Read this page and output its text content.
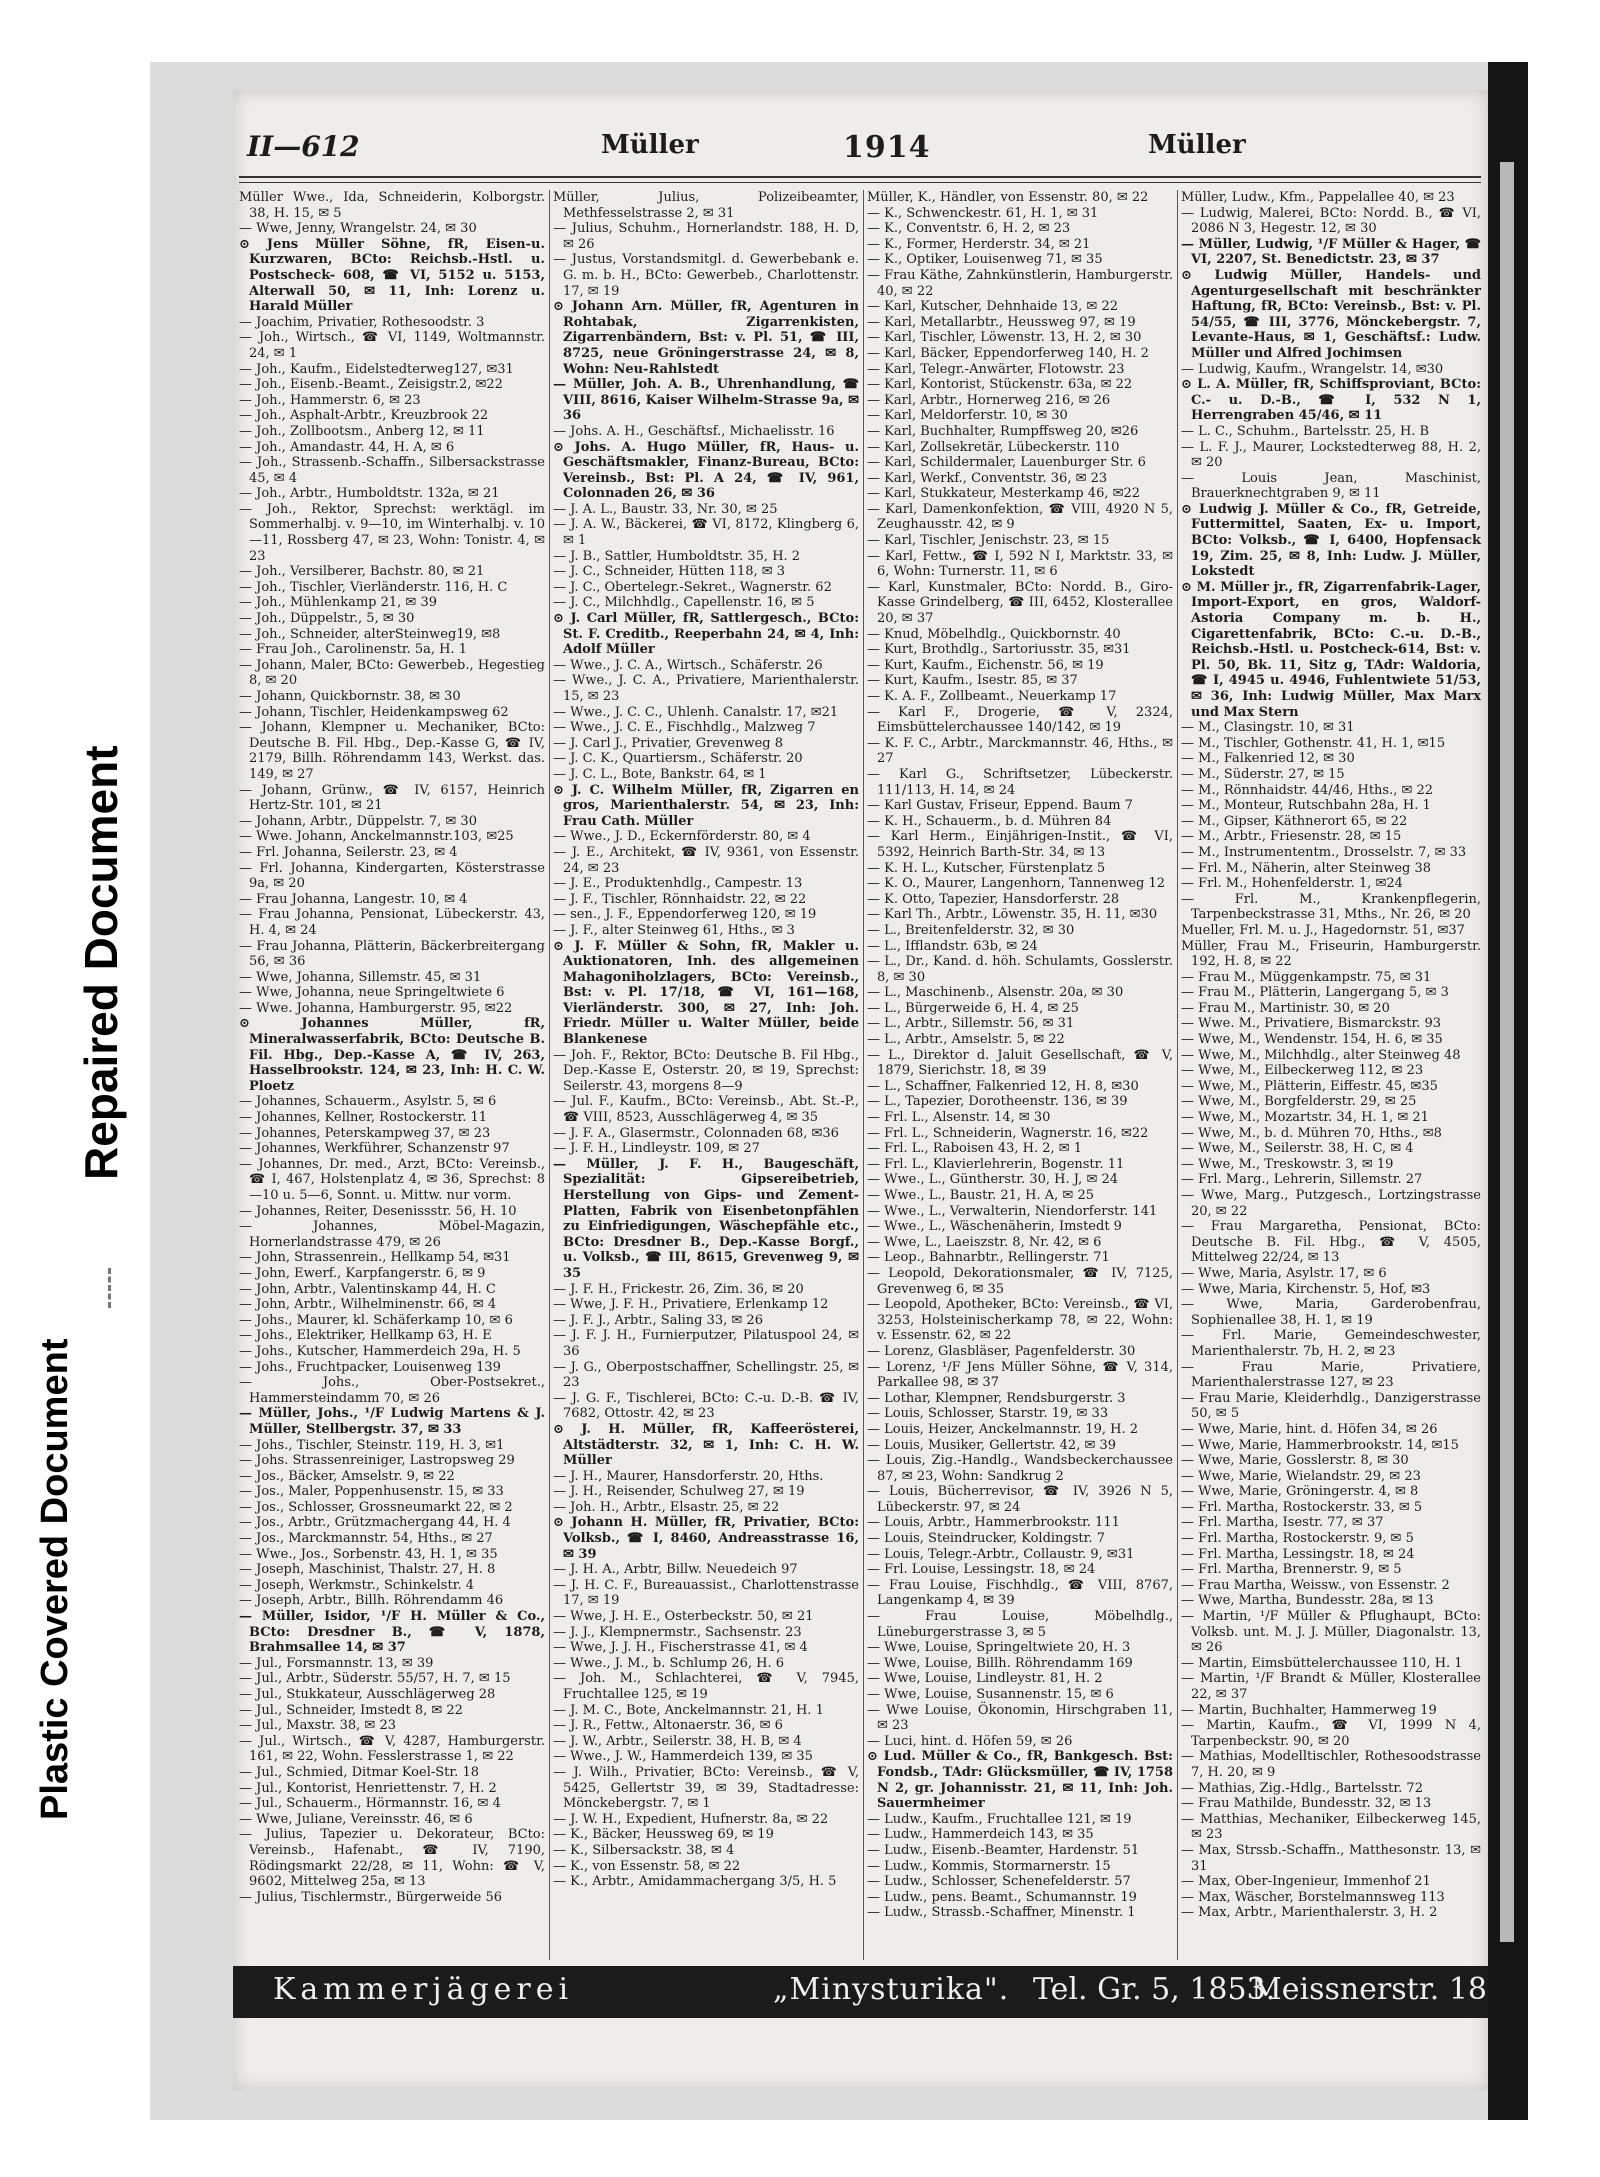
Plastic Covered Document
Repaired Document
II—612	Müller	1914	Müller

Müller Wwe., Ida, Schneiderin, Kolborgstr. 38, H. 15, ✉ 5

— Wwe, Jenny, Wrangelstr. 24, ✉ 30

⊙ Jens Müller Söhne, fR, Eisen-u. Kurzwaren, BCto: Reichsb.-Hstl. u. Postscheck- 608, ☎ VI, 5152 u. 5153, Alterwall 50, ✉ 11, Inh: Lorenz u. Harald Müller

— Joachim, Privatier, Rothesoodstr. 3

— Joh., Wirtsch., ☎ VI, 1149, Woltmannstr. 24, ✉ 1

— Joh., Kaufm., Eidelstedterweg127, ✉31

— Joh., Eisenb.-Beamt., Zeisigstr.2, ✉22

— Joh., Hammerstr. 6, ✉ 23

— Joh., Asphalt-Arbtr., Kreuzbrook 22

— Joh., Zollbootsm., Anberg 12, ✉ 11

— Joh., Amandastr. 44, H. A, ✉ 6

— Joh., Strassenb.-Schaffn., Silbersackstrasse 45, ✉ 4

— Joh., Arbtr., Humboldtstr. 132a, ✉ 21

— Joh., Rektor, Sprechst: werktägl. im Sommerhalbj. v. 9—10, im Winterhalbj. v. 10—11, Rossberg 47, ✉ 23, Wohn: Tonistr. 4, ✉ 23

— Joh., Versilberer, Bachstr. 80, ✉ 21

— Joh., Tischler, Vierländerstr. 116, H. C

— Joh., Mühlenkamp 21, ✉ 39

— Joh., Düppelstr., 5, ✉ 30

— Joh., Schneider, alterSteinweg19, ✉8

— Frau Joh., Carolinenstr. 5a, H. 1

— Johann, Maler, BCto: Gewerbeb., Hegestieg 8, ✉ 20

— Johann, Quickbornstr. 38, ✉ 30

— Johann, Tischler, Heidenkampsweg 62

— Johann, Klempner u. Mechaniker, BCto: Deutsche B. Fil. Hbg., Dep.-Kasse G, ☎ IV, 2179, Billh. Röhrendamm 143, Werkst. das. 149, ✉ 27

— Johann, Grünw., ☎ IV, 6157, Heinrich Hertz-Str. 101, ✉ 21

— Johann, Arbtr., Düppelstr. 7, ✉ 30

— Wwe. Johann, Anckelmannstr.103, ✉25

— Frl. Johanna, Seilerstr. 23, ✉ 4

— Frl. Johanna, Kindergarten, Kösterstrasse 9a, ✉ 20

— Frau Johanna, Langestr. 10, ✉ 4

— Frau Johanna, Pensionat, Lübeckerstr. 43, H. 4, ✉ 24

— Frau Johanna, Plätterin, Bäckerbreitergang 56, ✉ 36

— Wwe, Johanna, Sillemstr. 45, ✉ 31

— Wwe, Johanna, neue Springeltwiete 6

— Wwe. Johanna, Hamburgerstr. 95, ✉22

⊙ Johannes Müller, fR, Mineralwasserfabrik, BCto: Deutsche B. Fil. Hbg., Dep.-Kasse A, ☎ IV, 263, Hasselbrookstr. 124, ✉ 23, Inh: H. C. W. Ploetz

— Johannes, Schauerm., Asylstr. 5, ✉ 6

— Johannes, Kellner, Rostockerstr. 11

— Johannes, Peterskampweg 37, ✉ 23

— Johannes, Werkführer, Schanzenstr 97

— Johannes, Dr. med., Arzt, BCto: Vereinsb., ☎ I, 467, Holstenplatz 4, ✉ 36, Sprechst: 8—10 u. 5—6, Sonnt. u. Mittw. nur vorm.

— Johannes, Reiter, Desenissstr. 56, H. 10

— Johannes, Möbel-Magazin, Hornerlandstrasse 479, ✉ 26

— John, Strassenrein., Hellkamp 54, ✉31

— John, Ewerf., Karpfangerstr. 6, ✉ 9

— John, Arbtr., Valentinskamp 44, H. C

— John, Arbtr., Wilhelminenstr. 66, ✉ 4

— Johs., Maurer, kl. Schäferkamp 10, ✉ 6

— Johs., Elektriker, Hellkamp 63, H. E

— Johs., Kutscher, Hammerdeich 29a, H. 5

— Johs., Fruchtpacker, Louisenweg 139

— Johs., Ober-Postsekret., Hammersteindamm 70, ✉ 26

— Müller, Johs., ¹/F Ludwig Martens & J. Müller, Stellbergstr. 37, ✉ 33

— Johs., Tischler, Steinstr. 119, H. 3, ✉1

— Johs. Strassenreiniger, Lastropsweg 29

— Jos., Bäcker, Amselstr. 9, ✉ 22

— Jos., Maler, Poppenhusenstr. 15, ✉ 33

— Jos., Schlosser, Grossneumarkt 22, ✉ 2

— Jos., Arbtr., Grützmachergang 44, H. 4

— Jos., Marckmannstr. 54, Hths., ✉ 27

— Wwe., Jos., Sorbenstr. 43, H. 1, ✉ 35

— Joseph, Maschinist, Thalstr. 27, H. 8

— Joseph, Werkmstr., Schinkelstr. 4

— Joseph, Arbtr., Billh. Röhrendamm 46

— Müller, Isidor, ¹/F H. Müller & Co., BCto: Dresdner B., ☎ V, 1878, Brahmsallee 14, ✉ 37

— Jul., Forsmannstr. 13, ✉ 39

— Jul., Arbtr., Süderstr. 55/57, H. 7, ✉ 15

— Jul., Stukkateur, Ausschlägerweg 28

— Jul., Schneider, Imstedt 8, ✉ 22

— Jul., Maxstr. 38, ✉ 23

— Jul., Wirtsch., ☎ V, 4287, Hamburgerstr. 161, ✉ 22, Wohn. Fesslerstrasse 1, ✉ 22

— Jul., Schmied, Ditmar Koel-Str. 18

— Jul., Kontorist, Henriettenstr. 7, H. 2

— Jul., Schauerm., Hörmannstr. 16, ✉ 4

— Wwe, Juliane, Vereinsstr. 46, ✉ 6

— Julius, Tapezier u. Dekorateur, BCto: Vereinsb., Hafenabt., ☎ IV, 7190, Rödingsmarkt 22/28, ✉ 11, Wohn: ☎ V, 9602, Mittelweg 25a, ✉ 13

— Julius, Tischlermstr., Bürgerweide 56

Müller, Julius, Polizeibeamter, Methfesselstrasse 2, ✉ 31

— Julius, Schuhm., Hornerlandstr. 188, H. D, ✉ 26

— Justus, Vorstandsmitgl. d. Gewerbebank e. G. m. b. H., BCto: Gewerbeb., Charlottenstr. 17, ✉ 19

⊙ Johann Arn. Müller, fR, Agenturen in Rohtabak, Zigarrenkisten, Zigarrenbändern, Bst: v. Pl. 51, ☎ III, 8725, neue Gröningerstrasse 24, ✉ 8, Wohn: Neu-Rahlstedt

— Müller, Joh. A. B., Uhrenhandlung, ☎ VIII, 8616, Kaiser Wilhelm-Strasse 9a, ✉ 36

— Johs. A. H., Geschäftsf., Michaelisstr. 16

⊙ Johs. A. Hugo Müller, fR, Haus- u. Geschäftsmakler, Finanz-Bureau, BCto: Vereinsb., Bst: Pl. A 24, ☎ IV, 961, Colonnaden 26, ✉ 36

— J. A. L., Baustr. 33, Nr. 30, ✉ 25

— J. A. W., Bäckerei, ☎ VI, 8172, Klingberg 6, ✉ 1

— J. B., Sattler, Humboldtstr. 35, H. 2

— J. C., Schneider, Hütten 118, ✉ 3

— J. C., Obertelegr.-Sekret., Wagnerstr. 62

— J. C., Milchhdlg., Capellenstr. 16, ✉ 5

⊙ J. Carl Müller, fR, Sattlergesch., BCto: St. F. Creditb., Reeperbahn 24, ✉ 4, Inh: Adolf Müller

— Wwe., J. C. A., Wirtsch., Schäferstr. 26

— Wwe., J. C. A., Privatiere, Marienthalerstr. 15, ✉ 23

— Wwe., J. C. C., Uhlenh. Canalstr. 17, ✉21

— Wwe., J. C. E., Fischhdlg., Malzweg 7

— J. Carl J., Privatier, Grevenweg 8

— J. C. K., Quartiersm., Schäferstr. 20

— J. C. L., Bote, Bankstr. 64, ✉ 1

⊙ J. C. Wilhelm Müller, fR, Zigarren en gros, Marienthalerstr. 54, ✉ 23, Inh: Frau Cath. Müller

— Wwe., J. D., Eckernförderstr. 80, ✉ 4

— J. E., Architekt, ☎ IV, 9361, von Essenstr. 24, ✉ 23

— J. E., Produktenhdlg., Campestr. 13

— J. F., Tischler, Rönnhaidstr. 22, ✉ 22

— sen., J. F., Eppendorferweg 120, ✉ 19

— J. F., alter Steinweg 61, Hths., ✉ 3

⊙ J. F. Müller & Sohn, fR, Makler u. Auktionatoren, Inh. des allgemeinen Mahagoniholzlagers, BCto: Vereinsb., Bst: v. Pl. 17/18, ☎ VI, 161—168, Vierländerstr. 300, ✉ 27, Inh: Joh. Friedr. Müller u. Walter Müller, beide Blankenese

— Joh. F., Rektor, BCto: Deutsche B. Fil Hbg., Dep.-Kasse E, Osterstr. 20, ✉ 19, Sprechst: Seilerstr. 43, morgens 8—9

— Jul. F., Kaufm., BCto: Vereinsb., Abt. St.-P., ☎ VIII, 8523, Ausschlägerweg 4, ✉ 35

— J. F. A., Glasermstr., Colonnaden 68, ✉36

— J. F. H., Lindleystr. 109, ✉ 27

— Müller, J. F. H., Baugeschäft, Spezialität: Gipsereibetrieb, Herstellung von Gips- und Zement-Platten, Fabrik von Eisenbetonpfählen zu Einfriedigungen, Wäschepfähle etc., BCto: Dresdner B., Dep.-Kasse Borgf., u. Volksb., ☎ III, 8615, Grevenweg 9, ✉ 35

— J. F. H., Frickestr. 26, Zim. 36, ✉ 20

— Wwe, J. F. H., Privatiere, Erlenkamp 12

— J. F. J., Arbtr., Saling 33, ✉ 26

— J. F. J. H., Furnierputzer, Pilatuspool 24, ✉ 36

— J. G., Oberpostschaffner, Schellingstr. 25, ✉ 23

— J. G. F., Tischlerei, BCto: C.-u. D.-B. ☎ IV, 7682, Ottostr. 42, ✉ 23

⊙ J. H. Müller, fR, Kaffeerösterei, Altstädterstr. 32, ✉ 1, Inh: C. H. W. Müller

— J. H., Maurer, Hansdorferstr. 20, Hths.

— J. H., Reisender, Schulweg 27, ✉ 19

— Joh. H., Arbtr., Elsastr. 25, ✉ 22

⊙ Johann H. Müller, fR, Privatier, BCto: Volksb., ☎ I, 8460, Andreasstrasse 16, ✉ 39

— J. H. A., Arbtr, Billw. Neuedeich 97

— J. H. C. F., Bureauassist., Charlottenstrasse 17, ✉ 19

— Wwe, J. H. E., Osterbeckstr. 50, ✉ 21

— J. J., Klempnermstr., Sachsenstr. 23

— Wwe, J. J. H., Fischerstrasse 41, ✉ 4

— Wwe., J. M., b. Schlump 26, H. 6

— Joh. M., Schlachterei, ☎ V, 7945, Fruchtallee 125, ✉ 19

— J. M. C., Bote, Anckelmannstr. 21, H. 1

— J. R., Fettw., Altonaerstr. 36, ✉ 6

— J. W., Arbtr., Seilerstr. 38, H. B, ✉ 4

— Wwe., J. W., Hammerdeich 139, ✉ 35

— J. Wilh., Privatier, BCto: Vereinsb., ☎ V, 5425, Gellertstr 39, ✉ 39, Stadtadresse: Mönckebergstr. 7, ✉ 1

— J. W. H., Expedient, Hufnerstr. 8a, ✉ 22

— K., Bäcker, Heussweg 69, ✉ 19

— K., Silbersackstr. 38, ✉ 4

— K., von Essenstr. 58, ✉ 22

— K., Arbtr., Amidammachergang 3/5, H. 5

Müller, K., Händler, von Essenstr. 80, ✉ 22

— K., Schwenckestr. 61, H. 1, ✉ 31

— K., Conventstr. 6, H. 2, ✉ 23

— K., Former, Herderstr. 34, ✉ 21

— K., Optiker, Louisenweg 71, ✉ 35

— Frau Käthe, Zahnkünstlerin, Hamburgerstr. 40, ✉ 22

— Karl, Kutscher, Dehnhaide 13, ✉ 22

— Karl, Metallarbtr., Heussweg 97, ✉ 19

— Karl, Tischler, Löwenstr. 13, H. 2, ✉ 30

— Karl, Bäcker, Eppendorferweg 140, H. 2

— Karl, Telegr.-Anwärter, Flotowstr. 23

— Karl, Kontorist, Stückenstr. 63a, ✉ 22

— Karl, Arbtr., Hornerweg 216, ✉ 26

— Karl, Meldorferstr. 10, ✉ 30

— Karl, Buchhalter, Rumpffsweg 20, ✉26

— Karl, Zollsekretär, Lübeckerstr. 110

— Karl, Schildermaler, Lauenburger Str. 6

— Karl, Werkf., Conventstr. 36, ✉ 23

— Karl, Stukkateur, Mesterkamp 46, ✉22

— Karl, Damenkonfektion, ☎ VIII, 4920 N 5, Zeughausstr. 42, ✉ 9

— Karl, Tischler, Jenischstr. 23, ✉ 15

— Karl, Fettw., ☎ I, 592 N I, Marktstr. 33, ✉ 6, Wohn: Turnerstr. 11, ✉ 6

— Karl, Kunstmaler, BCto: Nordd. B., Giro-Kasse Grindelberg, ☎ III, 6452, Klosterallee 20, ✉ 37

— Knud, Möbelhdlg., Quickbornstr. 40

— Kurt, Brothdlg., Sartoriusstr. 35, ✉31

— Kurt, Kaufm., Eichenstr. 56, ✉ 19

— Kurt, Kaufm., Isestr. 85, ✉ 37

— K. A. F., Zollbeamt., Neuerkamp 17

— Karl F., Drogerie, ☎ V, 2324, Eimsbüttelerchaussee 140/142, ✉ 19

— K. F. C., Arbtr., Marckmannstr. 46, Hths., ✉ 27

— Karl G., Schriftsetzer, Lübeckerstr. 111/113, H. 14, ✉ 24

— Karl Gustav, Friseur, Eppend. Baum 7

— K. H., Schauerm., b. d. Mühren 84

— Karl Herm., Einjährigen-Instit., ☎ VI, 5392, Heinrich Barth-Str. 34, ✉ 13

— K. H. L., Kutscher, Fürstenplatz 5

— K. O., Maurer, Langenhorn, Tannenweg 12

— K. Otto, Tapezier, Hansdorferstr. 28

— Karl Th., Arbtr., Löwenstr. 35, H. 11, ✉30

— L., Breitenfelderstr. 32, ✉ 30

— L., Ifflandstr. 63b, ✉ 24

— L., Dr., Kand. d. höh. Schulamts, Gosslerstr. 8, ✉ 30

— L., Maschinenb., Alsenstr. 20a, ✉ 30

— L., Bürgerweide 6, H. 4, ✉ 25

— L., Arbtr., Sillemstr. 56, ✉ 31

— L., Arbtr., Amselstr. 5, ✉ 22

— L., Direktor d. Jaluit Gesellschaft, ☎ V, 1879, Sierichstr. 18, ✉ 39

— L., Schaffner, Falkenried 12, H. 8, ✉30

— L., Tapezier, Dorotheenstr. 136, ✉ 39

— Frl. L., Alsenstr. 14, ✉ 30

— Frl. L., Schneiderin, Wagnerstr. 16, ✉22

— Frl. L., Raboisen 43, H. 2, ✉ 1

— Frl. L., Klavierlehrerin, Bogenstr. 11

— Wwe., L., Güntherstr. 30, H. J, ✉ 24

— Wwe., L., Baustr. 21, H. A, ✉ 25

— Wwe., L., Verwalterin, Niendorferstr. 141

— Wwe., L., Wäschenäherin, Imstedt 9

— Wwe, L., Laeiszstr. 8, Nr. 42, ✉ 6

— Leop., Bahnarbtr., Rellingerstr. 71

— Leopold, Dekorationsmaler, ☎ IV, 7125, Grevenweg 6, ✉ 35

— Leopold, Apotheker, BCto: Vereinsb., ☎ VI, 3253, Holsteinischerkamp 78, ✉ 22, Wohn: v. Essenstr. 62, ✉ 22

— Lorenz, Glasbläser, Pagenfelderstr. 30

— Lorenz, ¹/F Jens Müller Söhne, ☎ V, 314, Parkallee 98, ✉ 37

— Lothar, Klempner, Rendsburgerstr. 3

— Louis, Schlosser, Starstr. 19, ✉ 33

— Louis, Heizer, Anckelmannstr. 19, H. 2

— Louis, Musiker, Gellertstr. 42, ✉ 39

— Louis, Zig.-Handlg., Wandsbeckerchaussee 87, ✉ 23, Wohn: Sandkrug 2

— Louis, Bücherrevisor, ☎ IV, 3926 N 5, Lübeckerstr. 97, ✉ 24

— Louis, Arbtr., Hammerbrookstr. 111

— Louis, Steindrucker, Koldingstr. 7

— Louis, Telegr.-Arbtr., Collaustr. 9, ✉31

— Frl. Louise, Lessingstr. 18, ✉ 24

— Frau Louise, Fischhdlg., ☎ VIII, 8767, Langenkamp 4, ✉ 39

— Frau Louise, Möbelhdlg., Lüneburgerstrasse 3, ✉ 5

— Wwe, Louise, Springeltwiete 20, H. 3

— Wwe, Louise, Billh. Röhrendamm 169

— Wwe, Louise, Lindleystr. 81, H. 2

— Wwe, Louise, Susannenstr. 15, ✉ 6

— Wwe Louise, Ökonomin, Hirschgraben 11, ✉ 23

— Luci, hint. d. Höfen 59, ✉ 26

⊙ Lud. Müller & Co., fR, Bankgesch. Bst: Fondsb., TAdr: Glücksmüller, ☎ IV, 1758 N 2, gr. Johannisstr. 21, ✉ 11, Inh: Joh. Sauermheimer

— Ludw., Kaufm., Fruchtallee 121, ✉ 19

— Ludw., Hammerdeich 143, ✉ 35

— Ludw., Eisenb.-Beamter, Hardenstr. 51

— Ludw., Kommis, Stormarnerstr. 15

— Ludw., Schlosser, Schenefelderstr. 57

— Ludw., pens. Beamt., Schumannstr. 19

— Ludw., Strassb.-Schaffner, Minenstr. 1

Müller, Ludw., Kfm., Pappelallee 40, ✉ 23

— Ludwig, Malerei, BCto: Nordd. B., ☎ VI, 2086 N 3, Hegestr. 12, ✉ 30

— Müller, Ludwig, ¹/F Müller & Hager, ☎ VI, 2207, St. Benedictstr. 23, ✉ 37

⊙ Ludwig Müller, Handels- und Agenturgesellschaft mit beschränkter Haftung, fR, BCto: Vereinsb., Bst: v. Pl. 54/55, ☎ III, 3776, Mönckebergstr. 7, Levante-Haus, ✉ 1, Geschäftsf.: Ludw. Müller und Alfred Jochimsen

— Ludwig, Kaufm., Wrangelstr. 14, ✉30

⊙ L. A. Müller, fR, Schiffsproviant, BCto: C.- u. D.-B., ☎ I, 532 N 1, Herrengraben 45/46, ✉ 11

— L. C., Schuhm., Bartelsstr. 25, H. B

— L. F. J., Maurer, Lockstedterweg 88, H. 2, ✉ 20

— Louis Jean, Maschinist, Brauerknechtgraben 9, ✉ 11

⊙ Ludwig J. Müller & Co., fR, Getreide, Futtermittel, Saaten, Ex- u. Import, BCto: Volksb., ☎ I, 6400, Hopfensack 19, Zim. 25, ✉ 8, Inh: Ludw. J. Müller, Lokstedt

⊙ M. Müller jr., fR, Zigarrenfabrik-Lager, Import-Export, en gros, Waldorf-Astoria Company m. b. H., Cigarettenfabrik, BCto: C.-u. D.-B., Reichsb.-Hstl. u. Postcheck-614, Bst: v. Pl. 50, Bk. 11, Sitz g, TAdr: Waldoria, ☎ I, 4945 u. 4946, Fuhlentwiete 51/53, ✉ 36, Inh: Ludwig Müller, Max Marx und Max Stern

— M., Clasingstr. 10, ✉ 31

— M., Tischler, Gothenstr. 41, H. 1, ✉15

— M., Falkenried 12, ✉ 30

— M., Süderstr. 27, ✉ 15

— M., Rönnhaidstr. 44/46, Hths., ✉ 22

— M., Monteur, Rutschbahn 28a, H. 1

— M., Gipser, Käthnerort 65, ✉ 22

— M., Arbtr., Friesenstr. 28, ✉ 15

— M., Instrumententm., Drosselstr. 7, ✉ 33

— Frl. M., Näherin, alter Steinweg 38

— Frl. M., Hohenfelderstr. 1, ✉24

— Frl. M., Krankenpflegerin, Tarpenbeckstrasse 31, Mths., Nr. 26, ✉ 20

Mueller, Frl. M. u. J., Hagedornstr. 51, ✉37

Müller, Frau M., Friseurin, Hamburgerstr. 192, H. 8, ✉ 22

— Frau M., Müggenkampstr. 75, ✉ 31

— Frau M., Plätterin, Langergang 5, ✉ 3

— Frau M., Martinistr. 30, ✉ 20

— Wwe. M., Privatiere, Bismarckstr. 93

— Wwe, M., Wendenstr. 154, H. 6, ✉ 35

— Wwe, M., Milchhdlg., alter Steinweg 48

— Wwe, M., Eilbeckerweg 112, ✉ 23

— Wwe, M., Plätterin, Eiffestr. 45, ✉35

— Wwe, M., Borgfelderstr. 29, ✉ 25

— Wwe, M., Mozartstr. 34, H. 1, ✉ 21

— Wwe, M., b. d. Mühren 70, Hths., ✉8

— Wwe, M., Seilerstr. 38, H. C, ✉ 4

— Wwe, M., Treskowstr. 3, ✉ 19

— Frl. Marg., Lehrerin, Sillemstr. 27

— Wwe, Marg., Putzgesch., Lortzingstrasse 20, ✉ 22

— Frau Margaretha, Pensionat, BCto: Deutsche B. Fil. Hbg., ☎ V, 4505, Mittelweg 22/24, ✉ 13

— Wwe, Maria, Asylstr. 17, ✉ 6

— Wwe, Maria, Kirchenstr. 5, Hof, ✉3

— Wwe, Maria, Garderobenfrau, Sophienallee 38, H. 1, ✉ 19

— Frl. Marie, Gemeindeschwester, Marienthalerstr. 7b, H. 2, ✉ 23

— Frau Marie, Privatiere, Marienthalerstrasse 127, ✉ 23

— Frau Marie, Kleiderhdlg., Danzigerstrasse 50, ✉ 5

— Wwe, Marie, hint. d. Höfen 34, ✉ 26

— Wwe, Marie, Hammerbrookstr. 14, ✉15

— Wwe, Marie, Gosslerstr. 8, ✉ 30

— Wwe, Marie, Wielandstr. 29, ✉ 23

— Wwe, Marie, Gröningerstr. 4, ✉ 8

— Frl. Martha, Rostockerstr. 33, ✉ 5

— Frl. Martha, Isestr. 77, ✉ 37

— Frl. Martha, Rostockerstr. 9, ✉ 5

— Frl. Martha, Lessingstr. 18, ✉ 24

— Frl. Martha, Brennerstr. 9, ✉ 5

— Frau Martha, Weissw., von Essenstr. 2

— Wwe, Martha, Bundesstr. 28a, ✉ 13

— Martin, ¹/F Müller & Pflughaupt, BCto: Volksb. unt. M. J. J. Müller, Diagonalstr. 13, ✉ 26

— Martin, Eimsbüttelerchaussee 110, H. 1

— Martin, ¹/F Brandt & Müller, Klosterallee 22, ✉ 37

— Martin, Buchhalter, Hammerweg 19

— Martin, Kaufm., ☎ VI, 1999 N 4, Tarpenbeckstr. 90, ✉ 20

— Mathias, Modelltischler, Rothesoodstrasse 7, H. 20, ✉ 9

— Mathias, Zig.-Hdlg., Bartelsstr. 72

— Frau Mathilde, Bundesstr. 32, ✉ 13

— Matthias, Mechaniker, Eilbeckerweg 145, ✉ 23

— Max, Strssb.-Schaffn., Matthesonstr. 13, ✉ 31

— Max, Ober-Ingenieur, Immenhof 21

— Max, Wäscher, Borstelmannsweg 113

— Max, Arbtr., Marienthalerstr. 3, H. 2

Kammerjägerei	„Minysturika". Tel. Gr. 5, 1853.
Meissnerstr. 18
